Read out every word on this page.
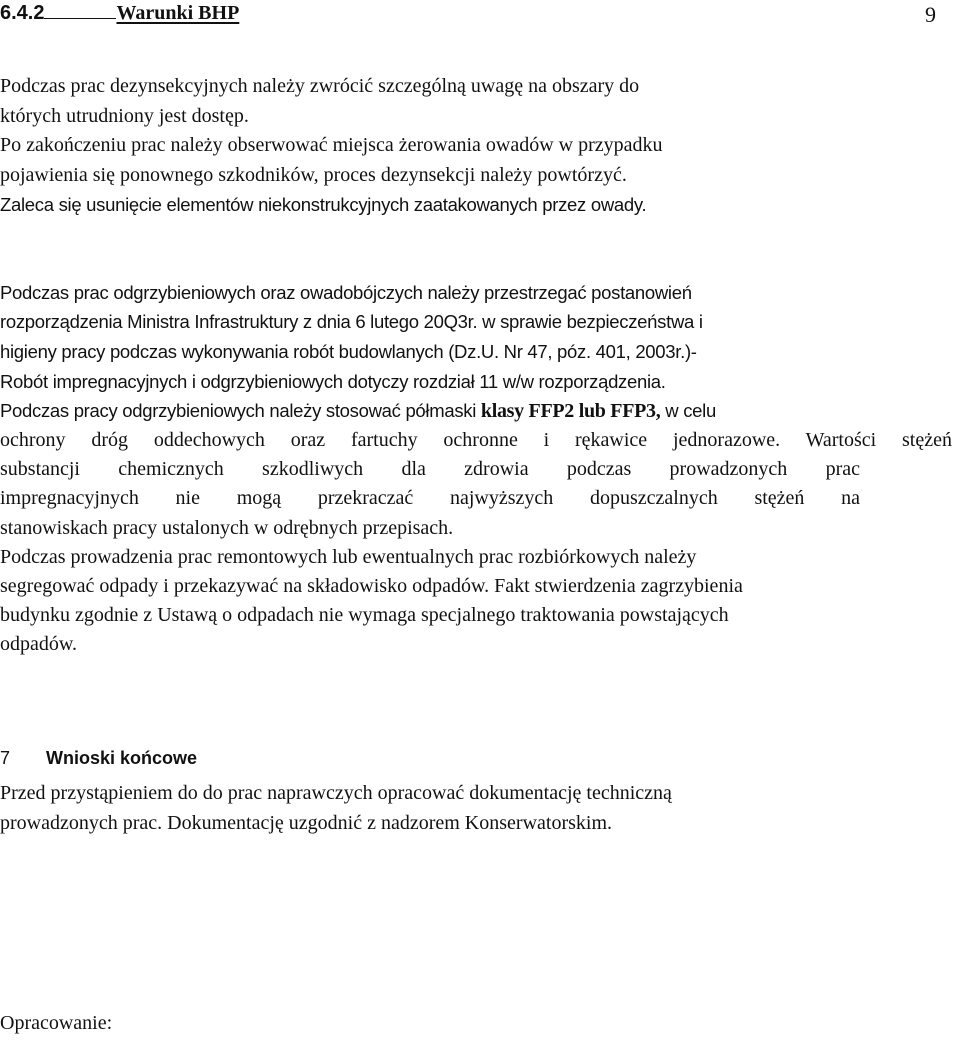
9
Podczas prac dezynsekcyjnych należy zwrócić szczególną uwagę na obszary do
których utrudniony jest dostęp.
Po zakończeniu prac należy obserwować miejsca żerowania owadów w przypadku
pojawienia się ponownego szkodników, proces dezynsekcji należy powtórzyć.
Zaleca się usunięcie elementów niekonstrukcyjnych zaatakowanych przez owady.
6.4.2	Warunki BHP
Podczas prac odgrzybieniowych oraz owadobójczych należy przestrzegać postanowień
rozporządzenia Ministra Infrastruktury z dnia 6 lutego 20Q3r. w sprawie bezpieczeństwa i
higieny pracy podczas wykonywania robót budowlanych (Dz.U. Nr 47, póz. 401, 2003r.)-
Robót impregnacyjnych i odgrzybieniowych dotyczy rozdział 11 w/w rozporządzenia.
Podczas pracy odgrzybieniowych należy stosować półmaski klasy FFP2 lub FFP3, w celu
ochrony dróg oddechowych oraz fartuchy ochronne i rękawice jednorazowe. Wartości stężeń
substancji chemicznych szkodliwych dla zdrowia podczas prowadzonych prac
impregnacyjnych nie mogą przekraczać najwyższych dopuszczalnych stężeń na
stanowiskach pracy ustalonych w odrębnych przepisach.
Podczas prowadzenia prac remontowych lub ewentualnych prac rozbiórkowych należy
segregować odpady i przekazywać na składowisko odpadów. Fakt stwierdzenia zagrzybienia
budynku zgodnie z Ustawą o odpadach nie wymaga specjalnego traktowania powstających
odpadów.
7 Wnioski końcowe
Przed przystąpieniem do do prac naprawczych opracować dokumentację techniczną
prowadzonych prac. Dokumentację uzgodnić z nadzorem Konserwatorskim.
Opracowanie:
